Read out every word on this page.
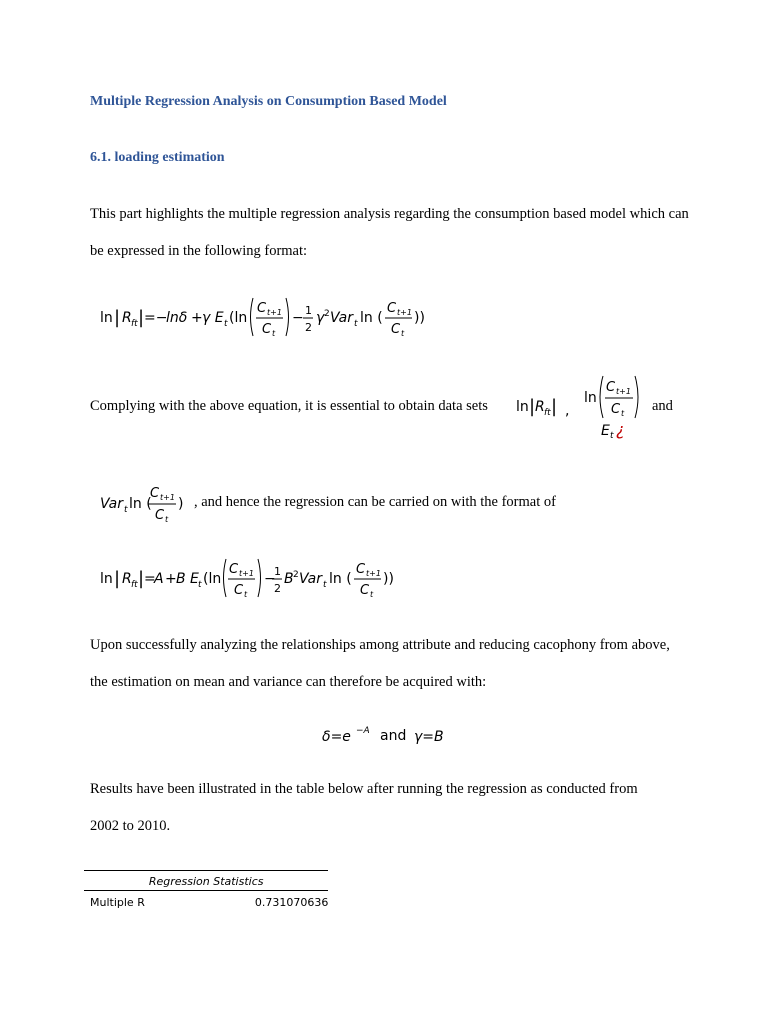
Multiple Regression Analysis on Consumption Based Model
6.1. loading estimation
This part highlights the multiple regression analysis regarding the consumption based model which can be expressed in the following format:
ln | R ft | =−
lnδ + γ E t (ln
C t+1
C t
− 1
2
γ 2 Var t ln (
C t+1
C t
))
Complying with the above equation, it is essential to obtain data sets ln | R ft | ,
ln
C t+1
C t
E t ¿
and
Var t ln (
C t+1
C t
) , and hence the regression can be carried on with the format of
ln | R ft | =
A + B E t (ln
C t+1
C t
−
1
2
B 2 Var t ln (
C t+1
C t
))
Upon successfully analyzing the relationships among attribute and reducing cacophony from above, the estimation on mean and variance can therefore be acquired with:
δ=e −A and γ=B
Results have been illustrated in the table below after running the regression as conducted from 2002 to 2010.
Regression Statistics
Multiple R	0.731070636
